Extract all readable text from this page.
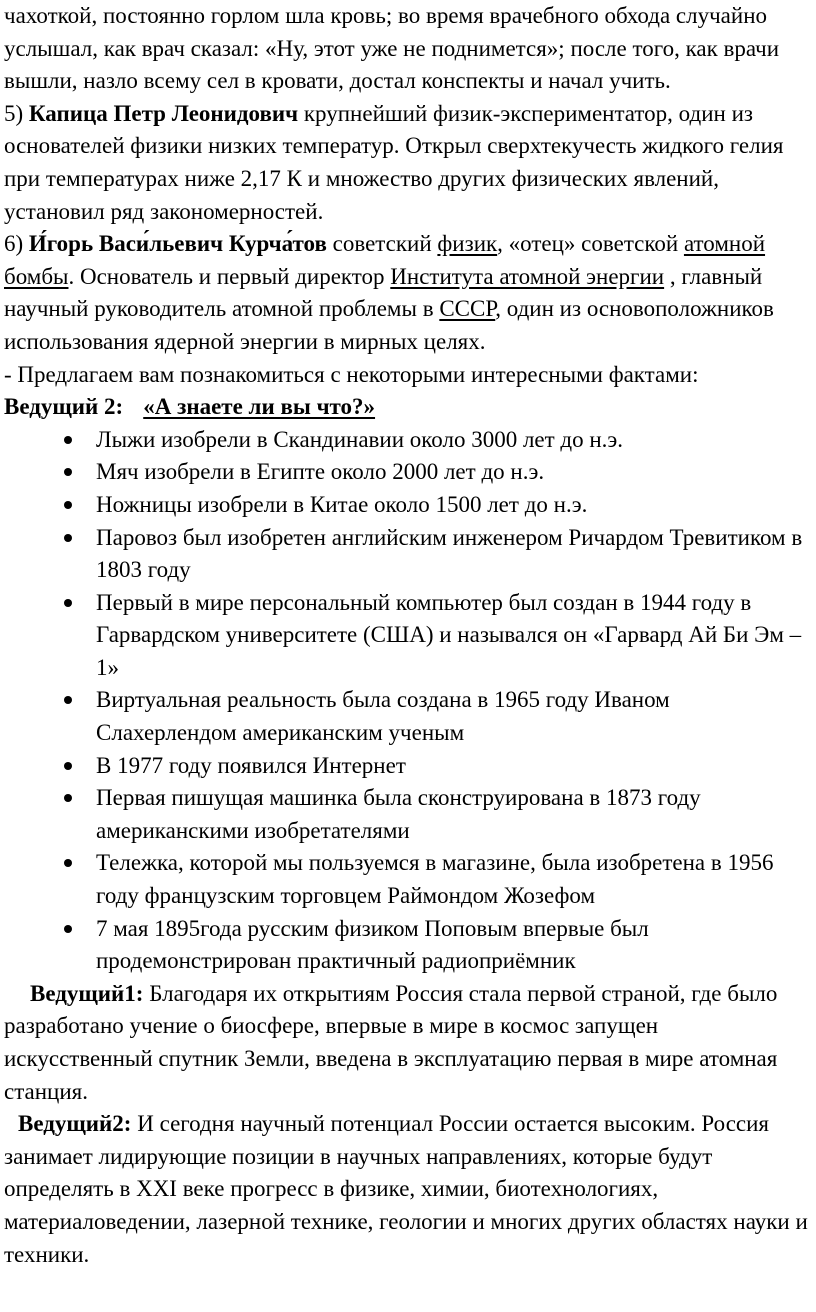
чахоткой, постоянно горлом шла кровь; во время врачебного обхода случайно услышал, как врач сказал: «Ну, этот уже не поднимется»; после того, как врачи вышли, назло всему сел в кровати, достал конспекты и начал учить.

5) Капица Петр Леонидович крупнейший физик-экспериментатор, один из основателей физики низких температур. Открыл сверхтекучесть жидкого гелия при температурах ниже 2,17 К и множество других физических явлений, установил ряд закономерностей.

6) И́горь Васи́льевич Курча́тов советский физик, «отец» советской атомной бомбы. Основатель и первый директор Института атомной энергии , главный научный руководитель атомной проблемы в СССР, один из основоположников использования ядерной энергии в мирных целях.

- Предлагаем вам познакомиться с некоторыми интересными фактами:

Ведущий 2: «А знаете ли вы что?»

Лыжи изобрели в Скандинавии около 3000 лет до н.э.
Мяч изобрели в Египте около 2000 лет до н.э.
Ножницы изобрели в Китае около 1500 лет до н.э.
Паровоз был изобретен английским инженером Ричардом Тревитиком в 1803 году
Первый в мире персональный компьютер был создан в 1944 году в Гарвардском университете (США) и назывался он «Гарвард Ай Би Эм – 1»
Виртуальная реальность была создана в 1965 году Иваном Слахерлендом американским ученым
В 1977 году появился Интернет
Первая пишущая машинка была сконструирована в 1873 году американскими изобретателями
Тележка, которой мы пользуемся в магазине, была изобретена в 1956 году французским торговцем Раймондом Жозефом
7 мая 1895года русским физиком Поповым впервые был продемонстрирован практичный радиоприёмник

Ведущий1: Благодаря их открытиям Россия стала первой страной, где было разработано учение о биосфере, впервые в мире в космос запущен искусственный спутник Земли, введена в эксплуатацию первая в мире атомная станция.

Ведущий2: И сегодня научный потенциал России остается высоким. Россия занимает лидирующие позиции в научных направлениях, которые будут определять в XXI веке прогресс в физике, химии, биотехнологиях, материаловедении, лазерной технике, геологии и многих других областях науки и техники.
